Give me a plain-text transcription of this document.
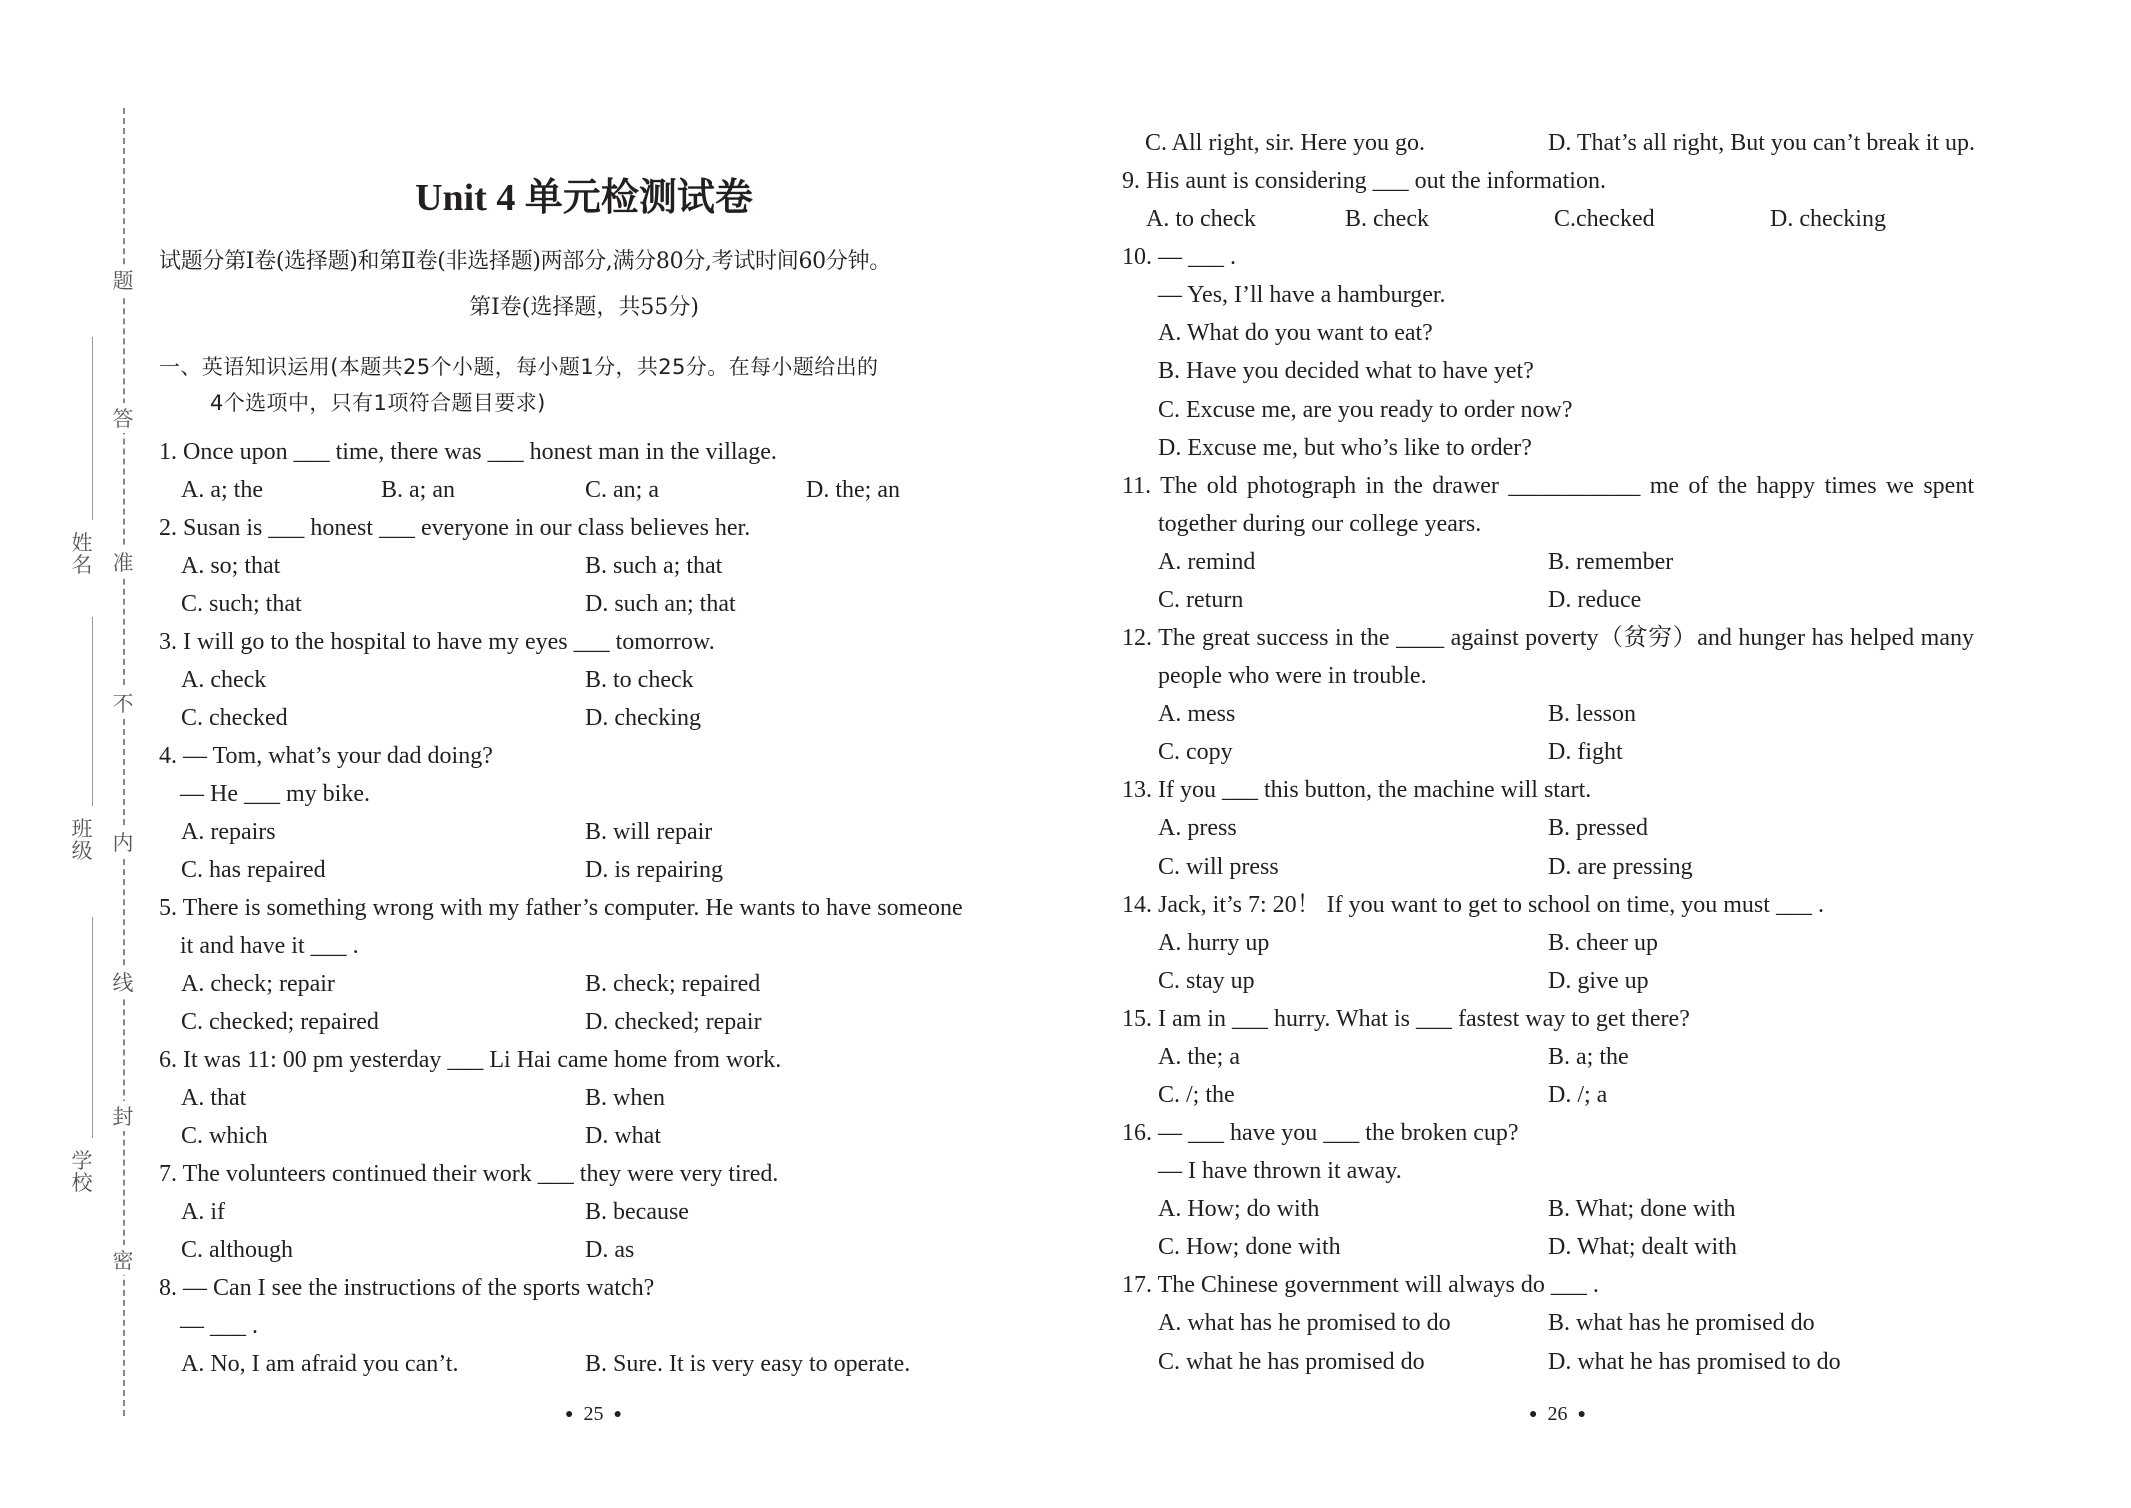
题
答
准
不
内
线
封
密
姓名
班级
学校
Unit 4 单元检测试卷
试题分第Ⅰ卷(选择题)和第Ⅱ卷(非选择题)两部分,满分80分,考试时间60分钟。
第Ⅰ卷(选择题，共55分)
一、英语知识运用(本题共25个小题，每小题1分，共25分。在每小题给出的
4个选项中，只有1项符合题目要求)
1. Once upon ___ time, there was ___ honest man in the village.
A. a; the	B. a; an	C. an; a	D. the; an
2. Susan is ___ honest ___ everyone in our class believes her.
A. so; that	B. such a; that
C. such; that	D. such an; that
3. I will go to the hospital to have my eyes ___ tomorrow.
A. check	B. to check
C. checked	D. checking
4. — Tom, what’s your dad doing?
— He ___ my bike.
A. repairs	B. will repair
C. has repaired	D. is repairing
5. There is something wrong with my father’s computer. He wants to have someone
it and have it ___ .
A. check; repair	B. check; repaired
C. checked; repaired	D. checked; repair
6. It was 11: 00 pm yesterday ___ Li Hai came home from work.
A. that	B. when
C. which	D. what
7. The volunteers continued their work ___ they were very tired.
A. if	B. because
C. although	D. as
8. — Can I see the instructions of the sports watch?
— ___ .
A. No, I am afraid you can’t.	B. Sure. It is very easy to operate.
C. All right, sir. Here you go.	D. That’s all right, But you can’t break it up.
9. His aunt is considering ___ out the information.
A. to check	B. check	C.checked	D. checking
10. — ___ .
— Yes, I’ll have a hamburger.
A. What do you want to eat?
B. Have you decided what to have yet?
C. Excuse me, are you ready to order now?
D. Excuse me, but who’s like to order?
11. The old photograph in the drawer ___________ me of the happy times we spent
together during our college years.
A. remind	B. remember
C. return	D. reduce
12. The great success in the ____ against poverty（贫穷）and hunger has helped many
people who were in trouble.
A. mess	B. lesson
C. copy	D. fight
13. If you ___ this button, the machine will start.
A. press	B. pressed
C. will press	D. are pressing
14. Jack, it’s 7: 20！ If you want to get to school on time, you must ___ .
A. hurry up	B. cheer up
C. stay up	D. give up
15. I am in ___ hurry. What is ___ fastest way to get there?
A. the; a	B. a; the
C. /; the	D. /; a
16. — ___ have you ___ the broken cup?
— I have thrown it away.
A. How; do with	B. What; done with
C. How; done with	D. What; dealt with
17. The Chinese government will always do ___ .
A. what has he promised to do	B. what has he promised do
C. what he has promised do	D. what he has promised to do
● 25 ●	● 26 ●
